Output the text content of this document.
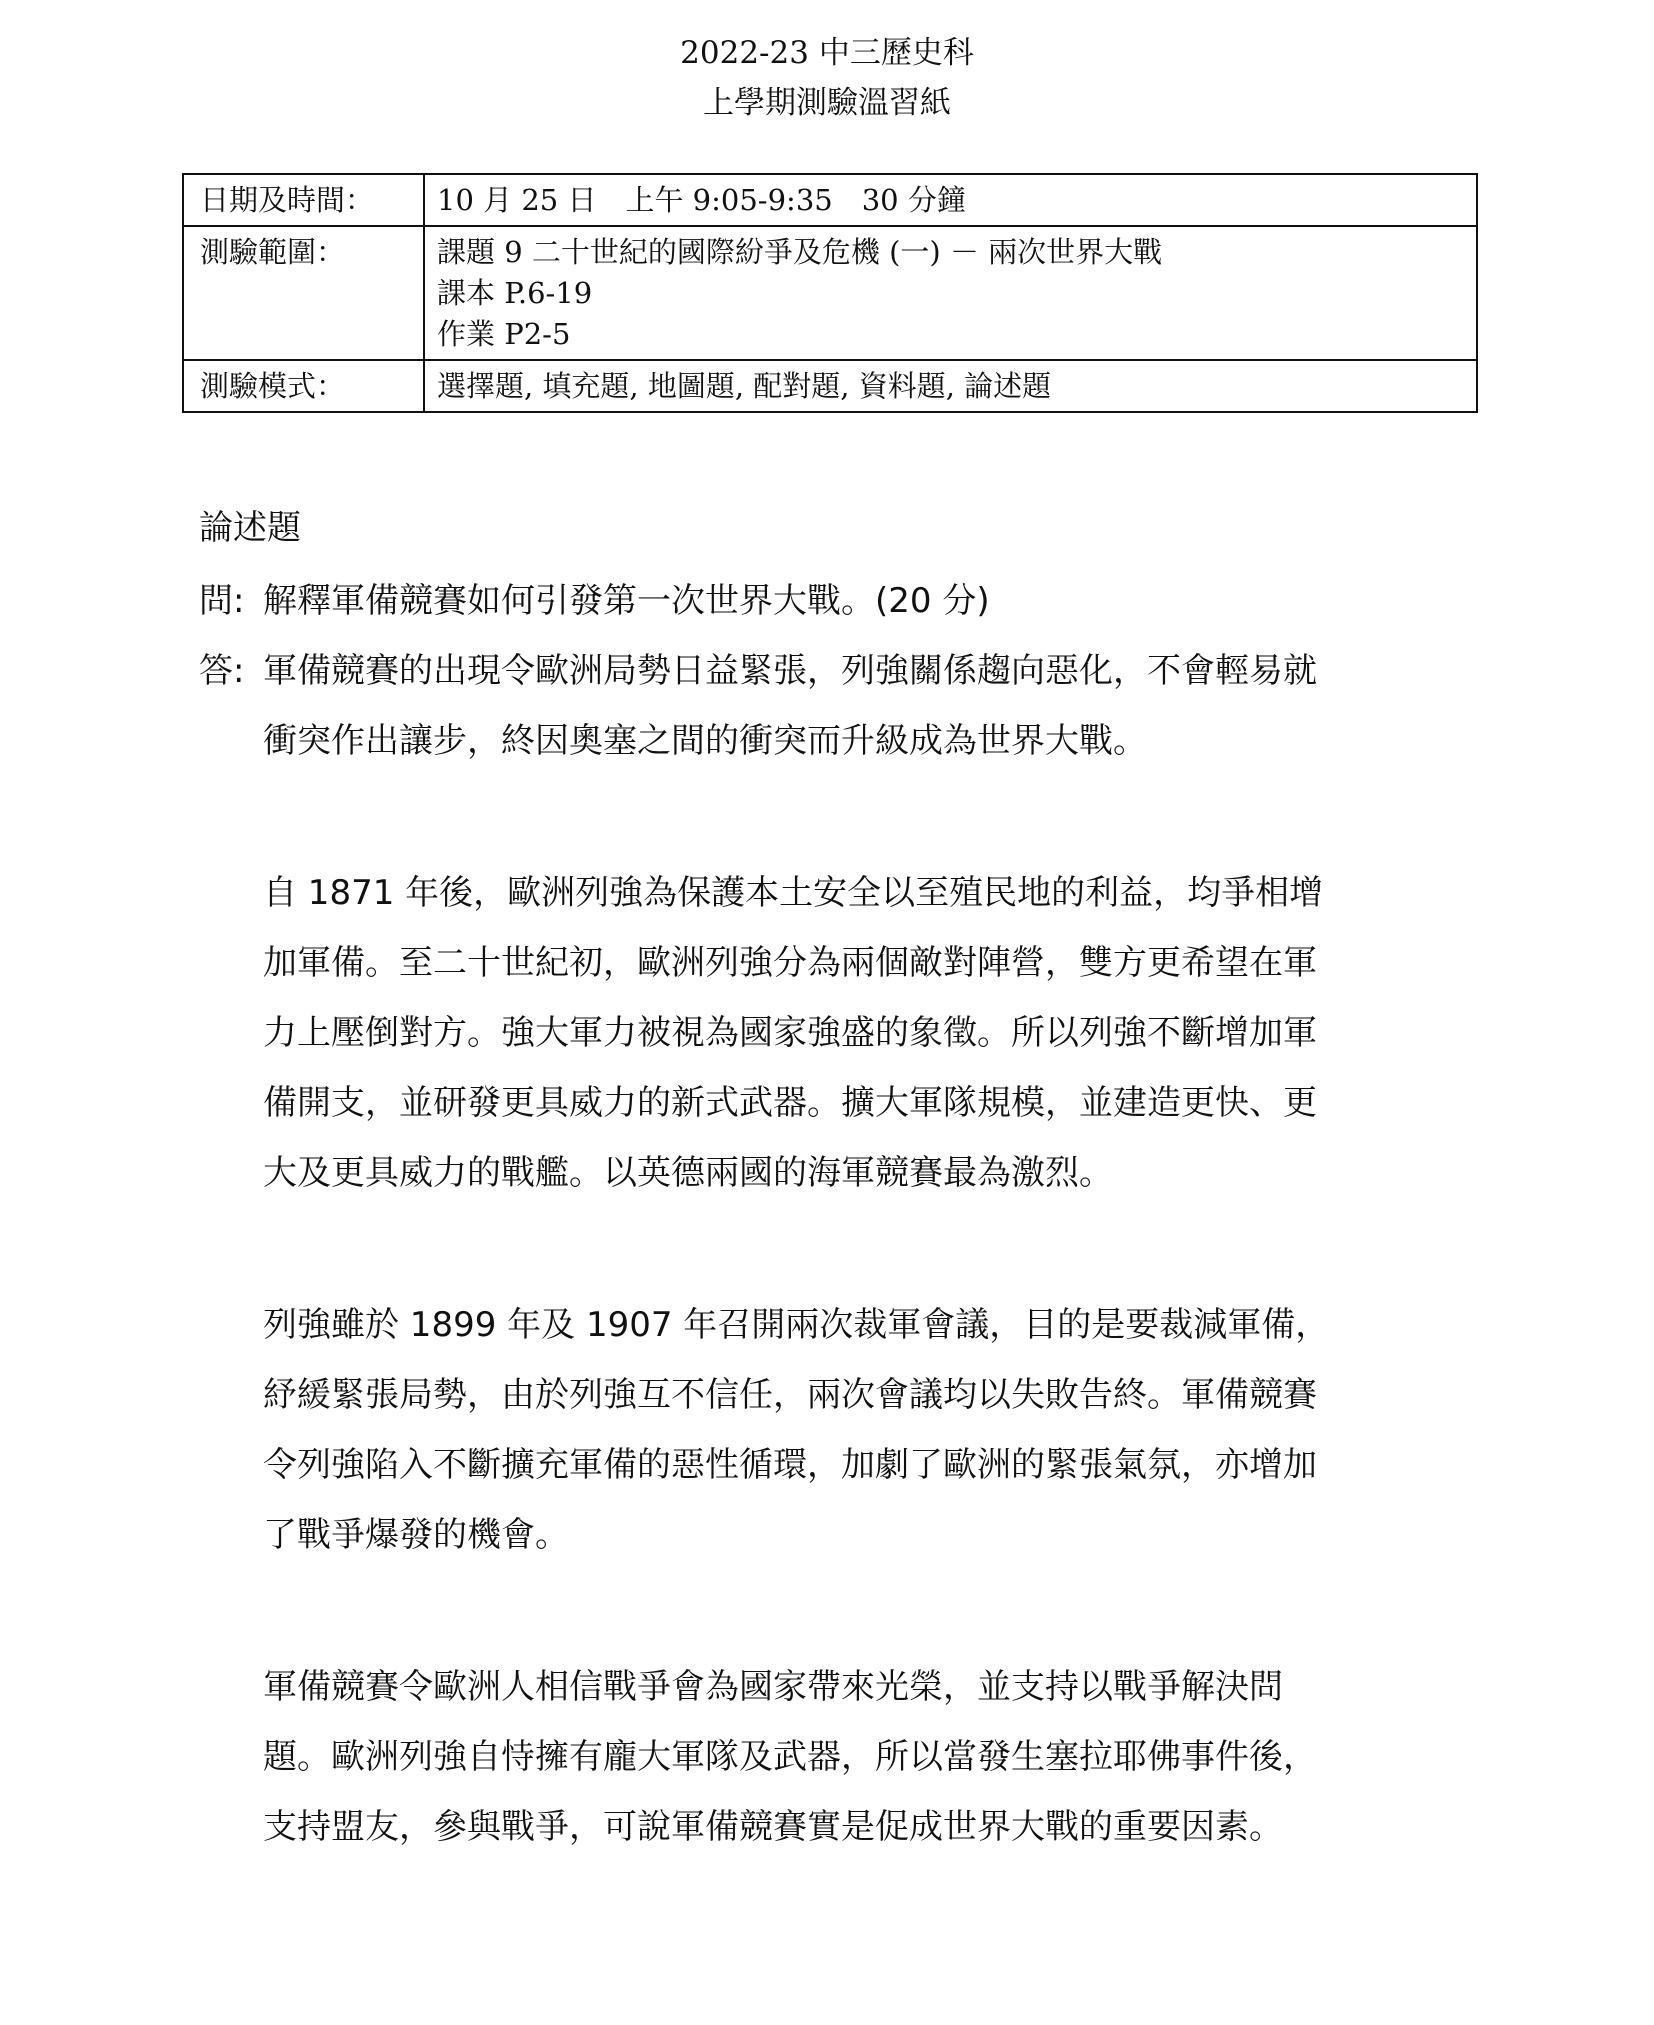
2022-23 中三歷史科
上學期測驗溫習紙
日期及時間：	10 月 25 日　上午 9:05-9:35　30 分鐘

測驗範圍：	課題 9 二十世紀的國際紛爭及危機 (一) － 兩次世界大戰
課本 P.6-19
作業 P2-5

測驗模式：	選擇題, 填充題, 地圖題, 配對題, 資料題, 論述題
論述題
問: 解釋軍備競賽如何引發第一次世界大戰。(20 分)
答: 軍備競賽的出現令歐洲局勢日益緊張，列強關係趨向惡化，不會輕易就衝突作出讓步，終因奧塞之間的衝突而升級成為世界大戰。

自 1871 年後，歐洲列強為保護本土安全以至殖民地的利益，均爭相增加軍備。至二十世紀初，歐洲列強分為兩個敵對陣營，雙方更希望在軍力上壓倒對方。強大軍力被視為國家強盛的象徵。所以列強不斷增加軍備開支，並研發更具威力的新式武器。擴大軍隊規模，並建造更快、更大及更具威力的戰艦。以英德兩國的海軍競賽最為激烈。

列強雖於 1899 年及 1907 年召開兩次裁軍會議，目的是要裁減軍備，紓緩緊張局勢，由於列強互不信任，兩次會議均以失敗告終。軍備競賽令列強陷入不斷擴充軍備的惡性循環，加劇了歐洲的緊張氣氛，亦增加了戰爭爆發的機會。

軍備競賽令歐洲人相信戰爭會為國家帶來光榮，並支持以戰爭解決問題。歐洲列強自恃擁有龐大軍隊及武器，所以當發生塞拉耶佛事件後，支持盟友，參與戰爭，可說軍備競賽實是促成世界大戰的重要因素。
